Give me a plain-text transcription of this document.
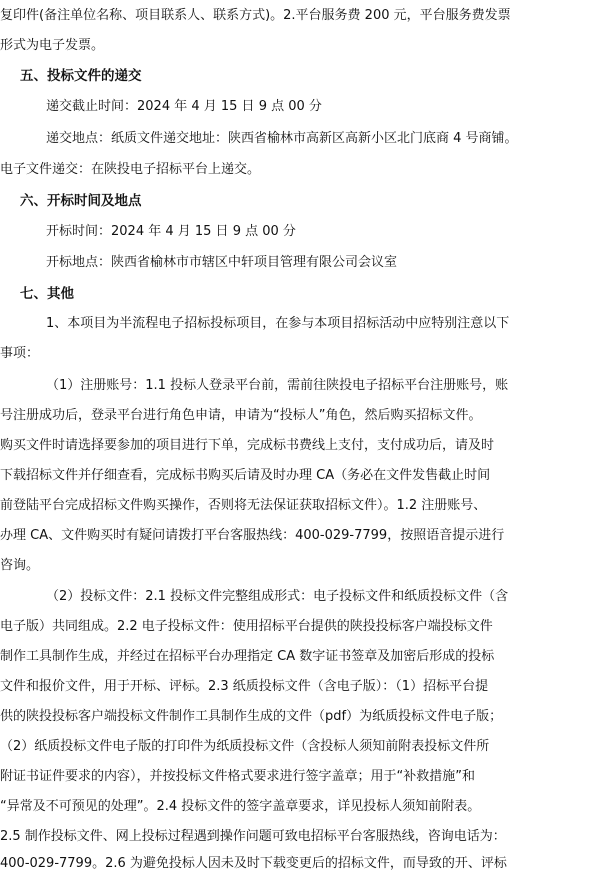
复印件(备注单位名称、项目联系人、联系方式)。2.平台服务费 200 元，平台服务费发票
形式为电子发票。
五、投标文件的递交
递交截止时间：2024 年 4 月 15 日 9 点 00 分
递交地点：纸质文件递交地址：陕西省榆林市高新区高新小区北门底商 4 号商铺。
电子文件递交：在陕投电子招标平台上递交。
六、开标时间及地点
开标时间：2024 年 4 月 15 日 9 点 00 分
开标地点：陕西省榆林市市辖区中轩项目管理有限公司会议室
七、其他
1、本项目为半流程电子招标投标项目，在参与本项目招标活动中应特别注意以下
事项：
（1）注册账号：1.1 投标人登录平台前，需前往陕投电子招标平台注册账号，账
号注册成功后，登录平台进行角色申请，申请为“投标人”角色，然后购买招标文件。
购买文件时请选择要参加的项目进行下单，完成标书费线上支付，支付成功后，请及时
下载招标文件并仔细查看，完成标书购买后请及时办理 CA（务必在文件发售截止时间
前登陆平台完成招标文件购买操作，否则将无法保证获取招标文件）。1.2 注册账号、
办理 CA、文件购买时有疑问请拨打平台客服热线：400-029-7799，按照语音提示进行
咨询。
（2）投标文件：2.1 投标文件完整组成形式：电子投标文件和纸质投标文件（含
电子版）共同组成。2.2 电子投标文件：使用招标平台提供的陕投投标客户端投标文件
制作工具制作生成，并经过在招标平台办理指定 CA 数字证书签章及加密后形成的投标
文件和报价文件，用于开标、评标。2.3 纸质投标文件（含电子版）：（1）招标平台提
供的陕投投标客户端投标文件制作工具制作生成的文件（pdf）为纸质投标文件电子版；
（2）纸质投标文件电子版的打印件为纸质投标文件（含投标人须知前附表投标文件所
附证书证件要求的内容），并按投标文件格式要求进行签字盖章；用于“补救措施”和
“异常及不可预见的处理”。2.4 投标文件的签字盖章要求，详见投标人须知前附表。
2.5 制作投标文件、网上投标过程遇到操作问题可致电招标平台客服热线，咨询电话为：
400-029-7799。2.6 为避免投标人因未及时下载变更后的招标文件，而导致的开、评标
